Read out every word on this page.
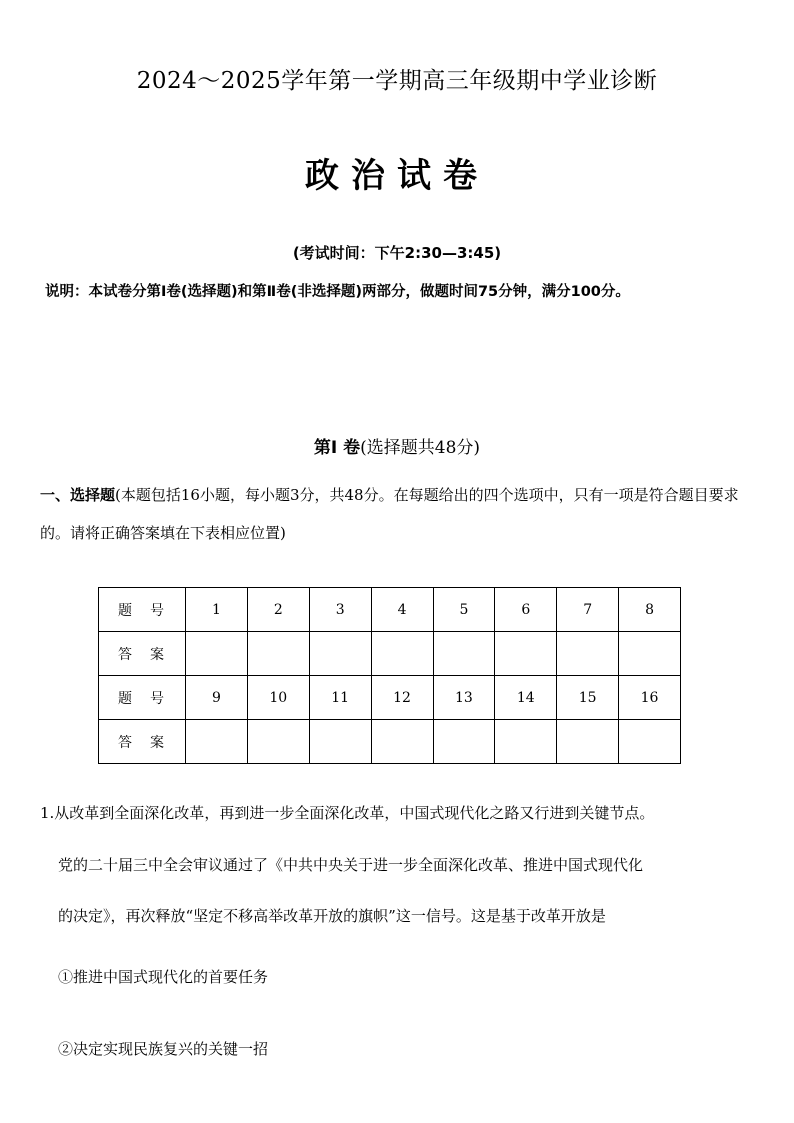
2024～2025学年第一学期高三年级期中学业诊断
政治试卷
(考试时间：下午2:30—3:45)
说明：本试卷分第I卷(选择题)和第Ⅱ卷(非选择题)两部分，做题时间75分钟，满分100分。
第I 卷(选择题共48分)
一、选择题(本题包括16小题，每小题3分，共48分。在每题给出的四个选项中，只有一项是符合题目要求的。请将正确答案填在下表相应位置)
题　号	1	2	3	4	5	6	7	8
答　案								
题　号	9	10	11	12	13	14	15	16
答　案								
1.从改革到全面深化改革，再到进一步全面深化改革，中国式现代化之路又行进到关键节点。
党的二十届三中全会审议通过了《中共中央关于进一步全面深化改革、推进中国式现代化
的决定》，再次释放“坚定不移高举改革开放的旗帜”这一信号。这是基于改革开放是
①推进中国式现代化的首要任务
②决定实现民族复兴的关键一招
